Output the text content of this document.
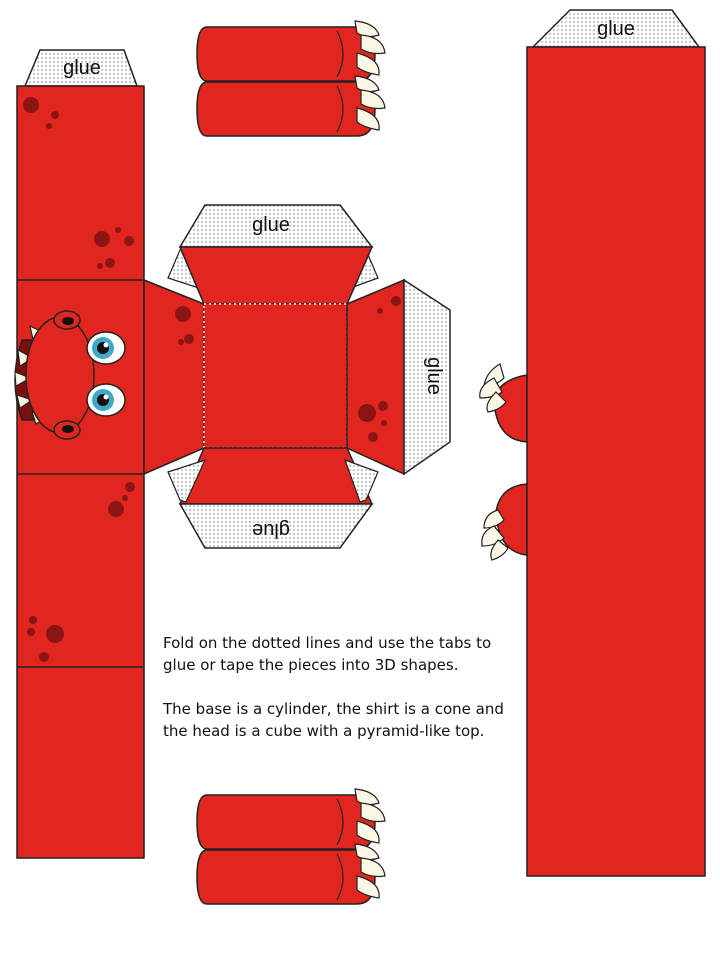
glue
glue
glue
glue
glue

Fold on the dotted lines and use the tabs to glue or tape the pieces into 3D shapes.

The base is a cylinder, the shirt is a cone and the head is a cube with a pyramid-like top.
